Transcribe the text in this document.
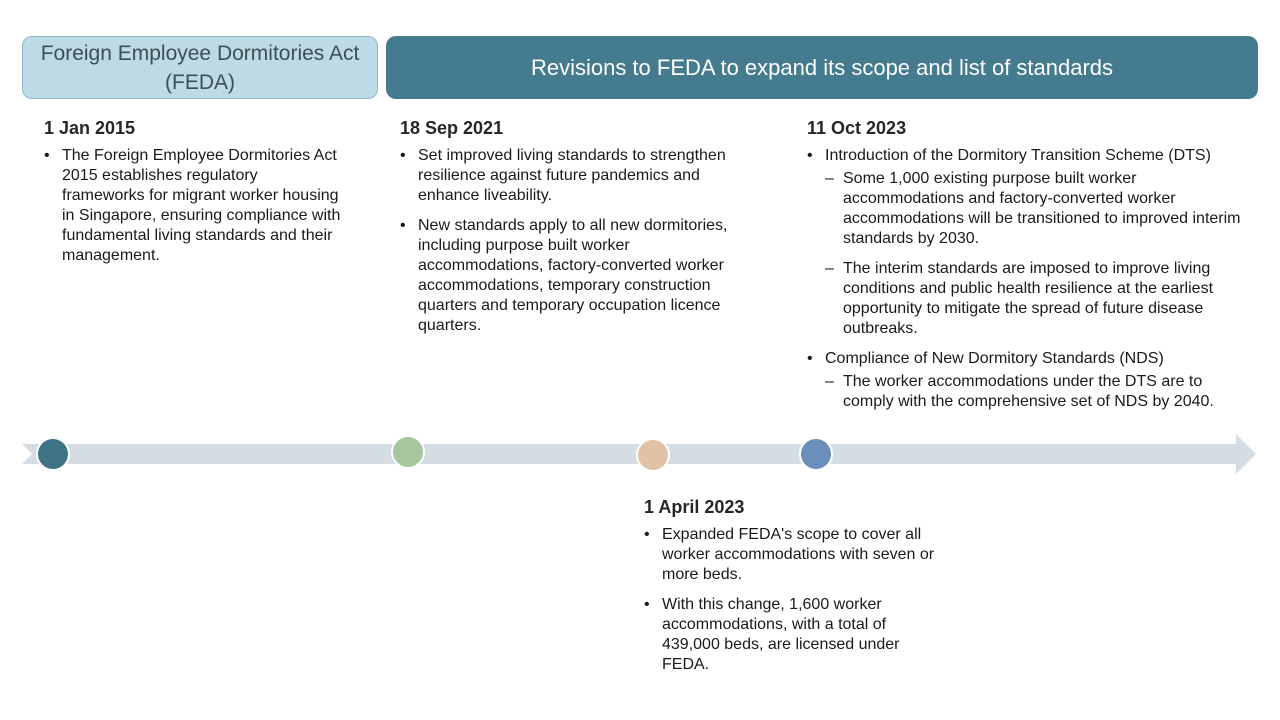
Foreign Employee Dormitories Act (FEDA)
Revisions to FEDA to expand its scope and list of standards
1 Jan 2015
• The Foreign Employee Dormitories Act 2015 establishes regulatory frameworks for migrant worker housing in Singapore, ensuring compliance with fundamental living standards and their management.
18 Sep 2021
• Set improved living standards to strengthen resilience against future pandemics and enhance liveability.
• New standards apply to all new dormitories, including purpose built worker accommodations, factory-converted worker accommodations, temporary construction quarters and temporary occupation licence quarters.
1 April 2023
• Expanded FEDA's scope to cover all worker accommodations with seven or more beds.
• With this change, 1,600 worker accommodations, with a total of 439,000 beds, are licensed under FEDA.
11 Oct 2023
• Introduction of the Dormitory Transition Scheme (DTS)
– Some 1,000 existing purpose built worker accommodations and factory-converted worker accommodations will be transitioned to improved interim standards by 2030.
– The interim standards are imposed to improve living conditions and public health resilience at the earliest opportunity to mitigate the spread of future disease outbreaks.
• Compliance of New Dormitory Standards (NDS)
– The worker accommodations under the DTS are to comply with the comprehensive set of NDS by 2040.
